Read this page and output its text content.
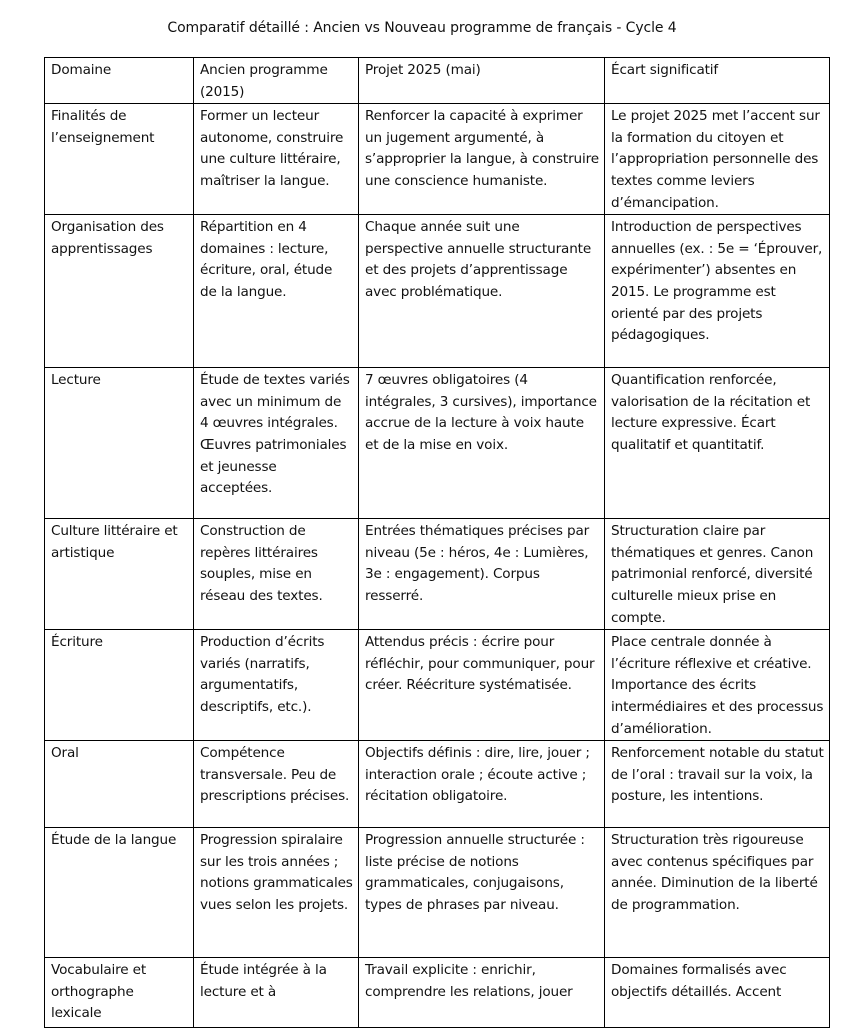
Comparatif détaillé : Ancien vs Nouveau programme de français - Cycle 4
Domaine	Ancien programme (2015)	Projet 2025 (mai)	Écart significatif
Finalités de l’enseignement	Former un lecteur autonome, construire une culture littéraire, maîtriser la langue.	Renforcer la capacité à exprimer un jugement argumenté, à s’approprier la langue, à construire une conscience humaniste.	Le projet 2025 met l’accent sur la formation du citoyen et l’appropriation personnelle des textes comme leviers d’émancipation.
Organisation des apprentissages	Répartition en 4 domaines : lecture, écriture, oral, étude de la langue.	Chaque année suit une perspective annuelle structurante et des projets d’apprentissage avec problématique.	Introduction de perspectives annuelles (ex. : 5e = ‘Éprouver, expérimenter’) absentes en 2015. Le programme est orienté par des projets pédagogiques.
Lecture	Étude de textes variés avec un minimum de 4 œuvres intégrales. Œuvres patrimoniales et jeunesse acceptées.	7 œuvres obligatoires (4 intégrales, 3 cursives), importance accrue de la lecture à voix haute et de la mise en voix.	Quantification renforcée, valorisation de la récitation et lecture expressive. Écart qualitatif et quantitatif.
Culture littéraire et artistique	Construction de repères littéraires souples, mise en réseau des textes.	Entrées thématiques précises par niveau (5e : héros, 4e : Lumières, 3e : engagement). Corpus resserré.	Structuration claire par thématiques et genres. Canon patrimonial renforcé, diversité culturelle mieux prise en compte.
Écriture	Production d’écrits variés (narratifs, argumentatifs, descriptifs, etc.).	Attendus précis : écrire pour réfléchir, pour communiquer, pour créer. Réécriture systématisée.	Place centrale donnée à l’écriture réflexive et créative. Importance des écrits intermédiaires et des processus d’amélioration.
Oral	Compétence transversale. Peu de prescriptions précises.	Objectifs définis : dire, lire, jouer ; interaction orale ; écoute active ; récitation obligatoire.	Renforcement notable du statut de l’oral : travail sur la voix, la posture, les intentions.
Étude de la langue	Progression spiralaire sur les trois années ; notions grammaticales vues selon les projets.	Progression annuelle structurée : liste précise de notions grammaticales, conjugaisons, types de phrases par niveau.	Structuration très rigoureuse avec contenus spécifiques par année. Diminution de la liberté de programmation.
Vocabulaire et orthographe lexicale	Étude intégrée à la lecture et à	Travail explicite : enrichir, comprendre les relations, jouer	Domaines formalisés avec objectifs détaillés. Accent
